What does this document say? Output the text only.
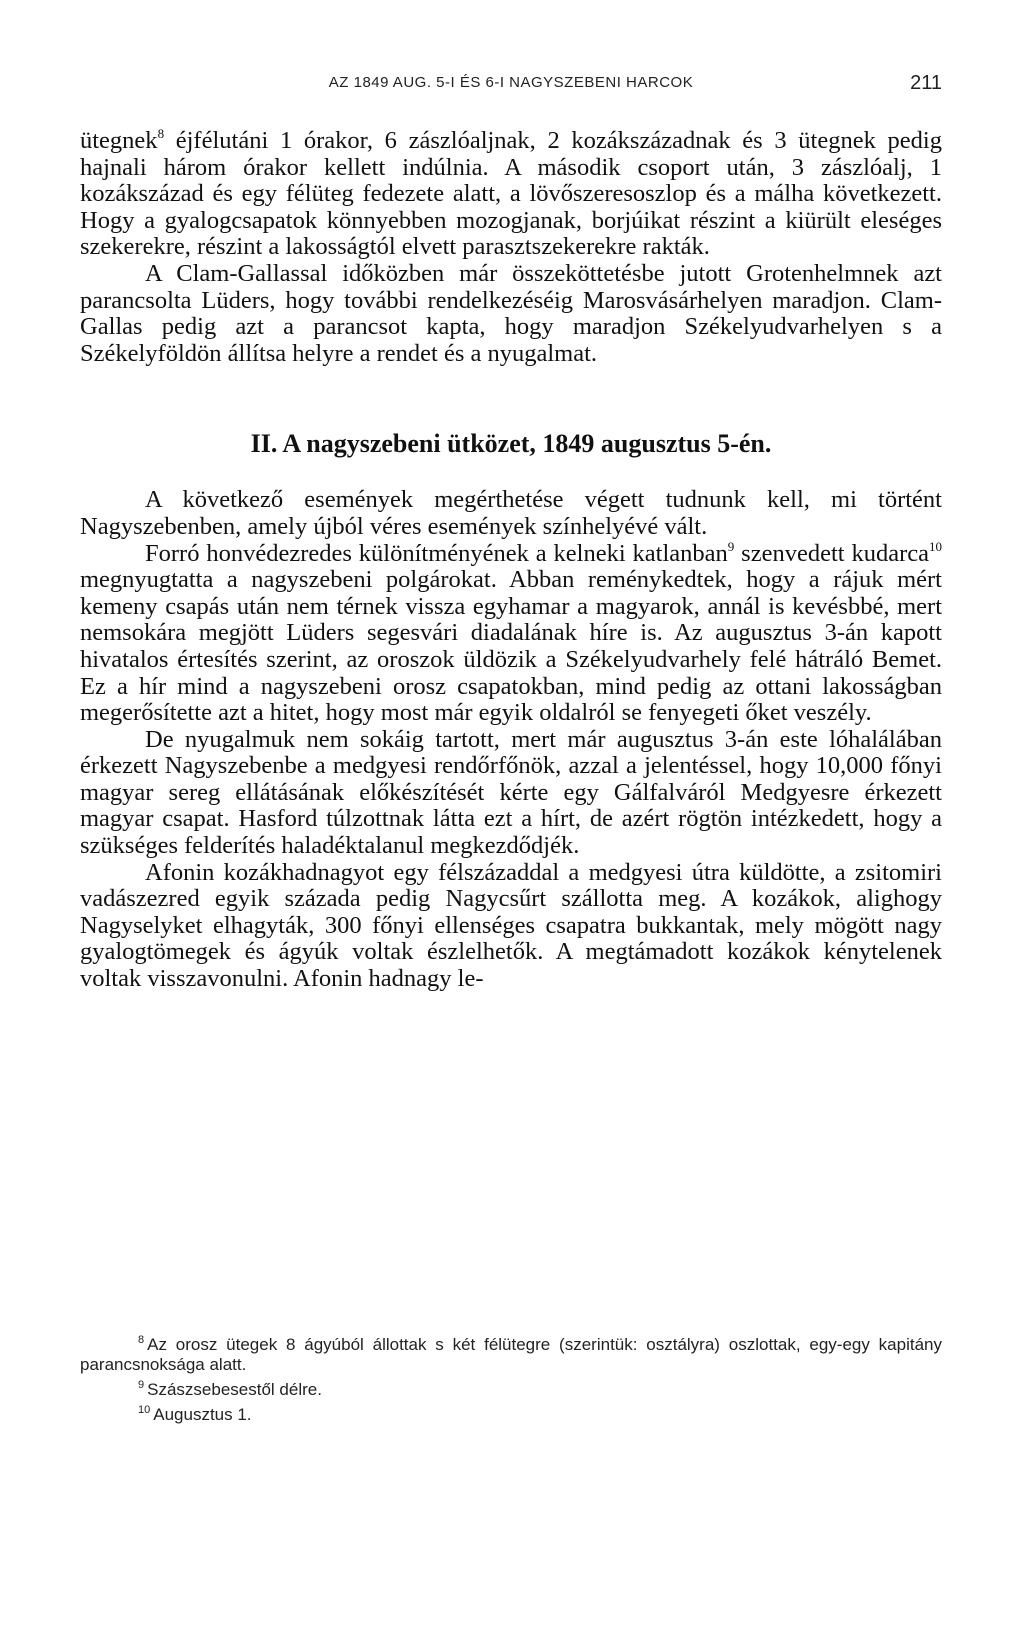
AZ 1849 AUG. 5-I ÉS 6-I NAGYSZEBENI HARCOK	211

ütegnek$^8$ éjfélutáni 1 órakor, 6 zászlóaljnak, 2 kozákszázadnak és 3 ütegnek pedig hajnali három órakor kellett indúlnia. A második csoport után, 3 zászlóalj, 1 kozákszázad és egy félüteg fedezete alatt, a lövőszeresoszlop és a málha következett. Hogy a gyalogcsapatok könnyebben mozogjanak, borjúikat részint a kiürült eleséges szekerekre, részint a lakosságtól elvett parasztszekerekre rakták.

A Clam-Gallassal időközben már összeköttetésbe jutott Grotenhelmnek azt parancsolta Lüders, hogy további rendelkezéséig Marosvásárhelyen maradjon. Clam-Gallas pedig azt a parancsot kapta, hogy maradjon Székelyudvarhelyen s a Székelyföldön állítsa helyre a rendet és a nyugalmat.

II. A nagyszebeni ütközet, 1849 augusztus 5-én.

A következő események megérthetése végett tudnunk kell, mi történt Nagyszebenben, amely újból véres események színhelyévé vált.

Forró honvédezredes különítményének a kelneki katlanban$^9$ szenvedett kudarca$^{10}$ megnyugtatta a nagyszebeni polgárokat. Abban reménykedtek, hogy a rájuk mért kemeny csapás után nem térnek vissza egyhamar a magyarok, annál is kevésbbé, mert nemsokára megjött Lüders segesvári diadalának híre is. Az augusztus 3-án kapott hivatalos értesítés szerint, az oroszok üldözik a Székelyudvarhely felé hátráló Bemet. Ez a hír mind a nagyszebeni orosz csapatokban, mind pedig az ottani lakosságban megerősítette azt a hitet, hogy most már egyik oldalról se fenyegeti őket veszély.

De nyugalmuk nem sokáig tartott, mert már augusztus 3-án este lóhalálában érkezett Nagyszebenbe a medgyesi rendőrfőnök, azzal a jelentéssel, hogy 10,000 főnyi magyar sereg ellátásának előkészítését kérte egy Gálfalváról Medgyesre érkezett magyar csapat. Hasford túlzottnak látta ezt a hírt, de azért rögtön intézkedett, hogy a szükséges felderítés haladéktalanul megkezdődjék.

Afonin kozákhadnagyot egy félszázaddal a medgyesi útra küldötte, a zsitomiri vadászezred egyik százada pedig Nagycsűrt szállotta meg. A kozákok, alighogy Nagyselyket elhagyták, 300 főnyi ellenséges csapatra bukkantak, mely mögött nagy gyalogtömegek és ágyúk voltak észlelhetők. A megtámadott kozákok kénytelenek voltak visszavonulni. Afonin hadnagy le-

$^8$ Az orosz ütegek 8 ágyúból állottak s két félütegre (szerintük: osztályra) oszlottak, egy-egy kapitány parancsnoksága alatt.

$^9$ Szászsebesestől délre.

$^{10}$ Augusztus 1.
